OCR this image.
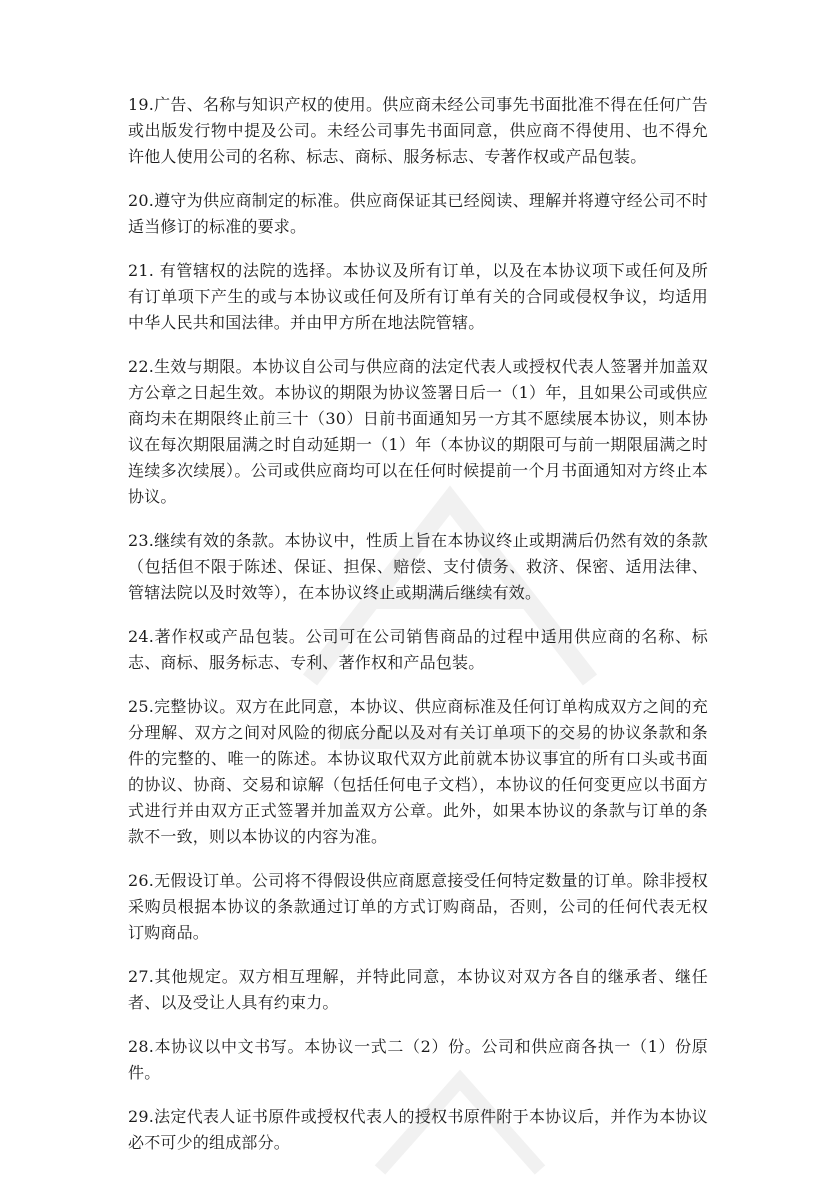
19.广告、名称与知识产权的使用。供应商未经公司事先书面批准不得在任何广告或出版发行物中提及公司。未经公司事先书面同意，供应商不得使用、也不得允许他人使用公司的名称、标志、商标、服务标志、专著作权或产品包装。

20.遵守为供应商制定的标准。供应商保证其已经阅读、理解并将遵守经公司不时适当修订的标准的要求。

21. 有管辖权的法院的选择。本协议及所有订单，以及在本协议项下或任何及所有订单项下产生的或与本协议或任何及所有订单有关的合同或侵权争议，均适用中华人民共和国法律。并由甲方所在地法院管辖。

22.生效与期限。本协议自公司与供应商的法定代表人或授权代表人签署并加盖双方公章之日起生效。本协议的期限为协议签署日后一（1）年，且如果公司或供应商均未在期限终止前三十（30）日前书面通知另一方其不愿续展本协议，则本协议在每次期限届满之时自动延期一（1）年（本协议的期限可与前一期限届满之时连续多次续展）。公司或供应商均可以在任何时候提前一个月书面通知对方终止本协议。

23.继续有效的条款。本协议中，性质上旨在本协议终止或期满后仍然有效的条款（包括但不限于陈述、保证、担保、赔偿、支付债务、救济、保密、适用法律、管辖法院以及时效等），在本协议终止或期满后继续有效。

24.著作权或产品包装。公司可在公司销售商品的过程中适用供应商的名称、标志、商标、服务标志、专利、著作权和产品包装。

25.完整协议。双方在此同意，本协议、供应商标准及任何订单构成双方之间的充分理解、双方之间对风险的彻底分配以及对有关订单项下的交易的协议条款和条件的完整的、唯一的陈述。本协议取代双方此前就本协议事宜的所有口头或书面的协议、协商、交易和谅解（包括任何电子文档），本协议的任何变更应以书面方式进行并由双方正式签署并加盖双方公章。此外，如果本协议的条款与订单的条款不一致，则以本协议的内容为准。

26.无假设订单。公司将不得假设供应商愿意接受任何特定数量的订单。除非授权采购员根据本协议的条款通过订单的方式订购商品，否则，公司的任何代表无权订购商品。

27.其他规定。双方相互理解，并特此同意，本协议对双方各自的继承者、继任者、以及受让人具有约束力。

28.本协议以中文书写。本协议一式二（2）份。公司和供应商各执一（1）份原件。

29.法定代表人证书原件或授权代表人的授权书原件附于本协议后，并作为本协议必不可少的组成部分。
